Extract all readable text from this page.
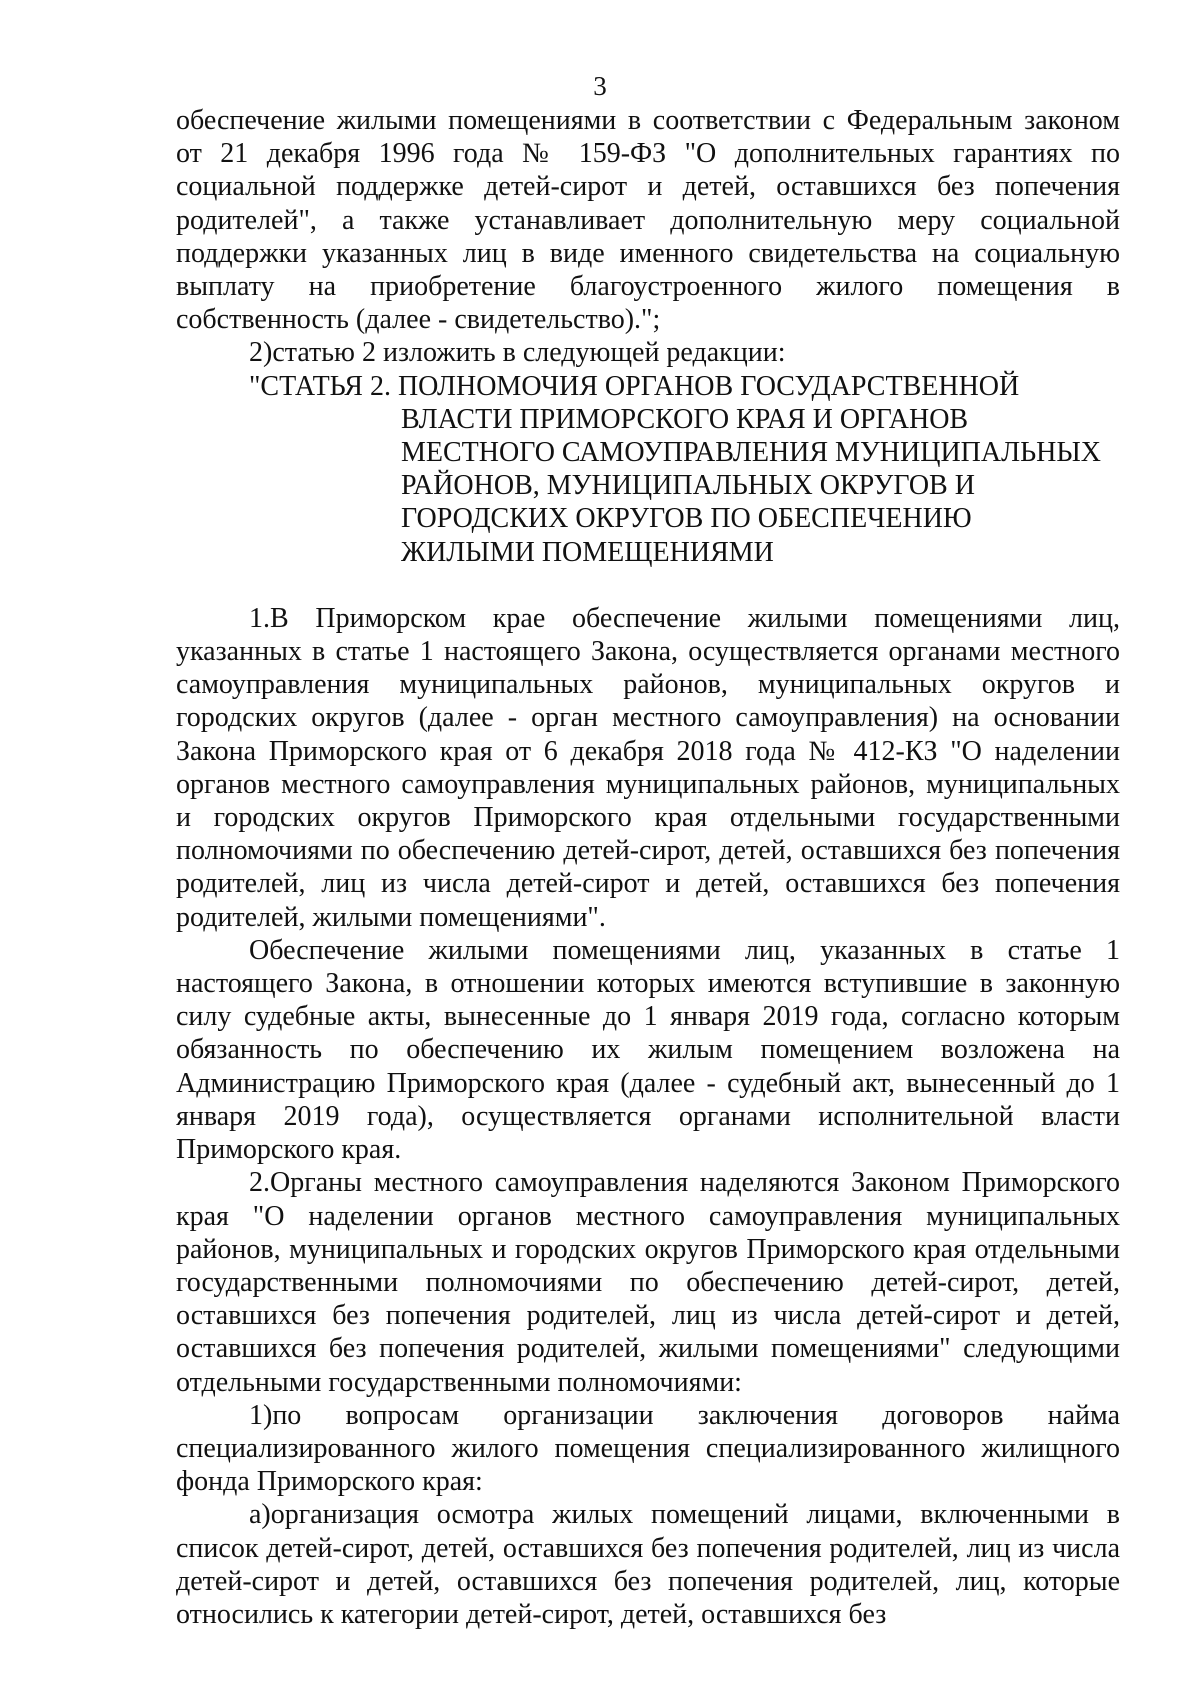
3

обеспечение жилыми помещениями в соответствии с Федеральным законом от 21 декабря 1996 года № 159-ФЗ "О дополнительных гарантиях по социальной поддержке детей-сирот и детей, оставшихся без попечения родителей", а также устанавливает дополнительную меру социальной поддержки указанных лиц в виде именного свидетельства на социальную выплату на приобретение благоустроенного жилого помещения в собственность (далее - свидетельство).";

2)статью 2 изложить в следующей редакции:

"СТАТЬЯ 2. ПОЛНОМОЧИЯ ОРГАНОВ ГОСУДАРСТВЕННОЙ
ВЛАСТИ ПРИМОРСКОГО КРАЯ И ОРГАНОВ
МЕСТНОГО САМОУПРАВЛЕНИЯ МУНИЦИПАЛЬНЫХ
РАЙОНОВ, МУНИЦИПАЛЬНЫХ ОКРУГОВ И
ГОРОДСКИХ ОКРУГОВ ПО ОБЕСПЕЧЕНИЮ
ЖИЛЫМИ ПОМЕЩЕНИЯМИ

1.В Приморском крае обеспечение жилыми помещениями лиц, указанных в статье 1 настоящего Закона, осуществляется органами местного самоуправления муниципальных районов, муниципальных округов и городских округов (далее - орган местного самоуправления) на основании Закона Приморского края от 6 декабря 2018 года № 412-КЗ "О наделении органов местного самоуправления муниципальных районов, муниципальных и городских округов Приморского края отдельными государственными полномочиями по обеспечению детей-сирот, детей, оставшихся без попечения родителей, лиц из числа детей-сирот и детей, оставшихся без попечения родителей, жилыми помещениями".

Обеспечение жилыми помещениями лиц, указанных в статье 1 настоящего Закона, в отношении которых имеются вступившие в законную силу судебные акты, вынесенные до 1 января 2019 года, согласно которым обязанность по обеспечению их жилым помещением возложена на Администрацию Приморского края (далее - судебный акт, вынесенный до 1 января 2019 года), осуществляется органами исполнительной власти Приморского края.

2.Органы местного самоуправления наделяются Законом Приморского края "О наделении органов местного самоуправления муниципальных районов, муниципальных и городских округов Приморского края отдельными государственными полномочиями по обеспечению детей-сирот, детей, оставшихся без попечения родителей, лиц из числа детей-сирот и детей, оставшихся без попечения родителей, жилыми помещениями" следующими отдельными государственными полномочиями:

1)по вопросам организации заключения договоров найма специализированного жилого помещения специализированного жилищного фонда Приморского края:

а)организация осмотра жилых помещений лицами, включенными в список детей-сирот, детей, оставшихся без попечения родителей, лиц из числа детей-сирот и детей, оставшихся без попечения родителей, лиц, которые относились к категории детей-сирот, детей, оставшихся без
